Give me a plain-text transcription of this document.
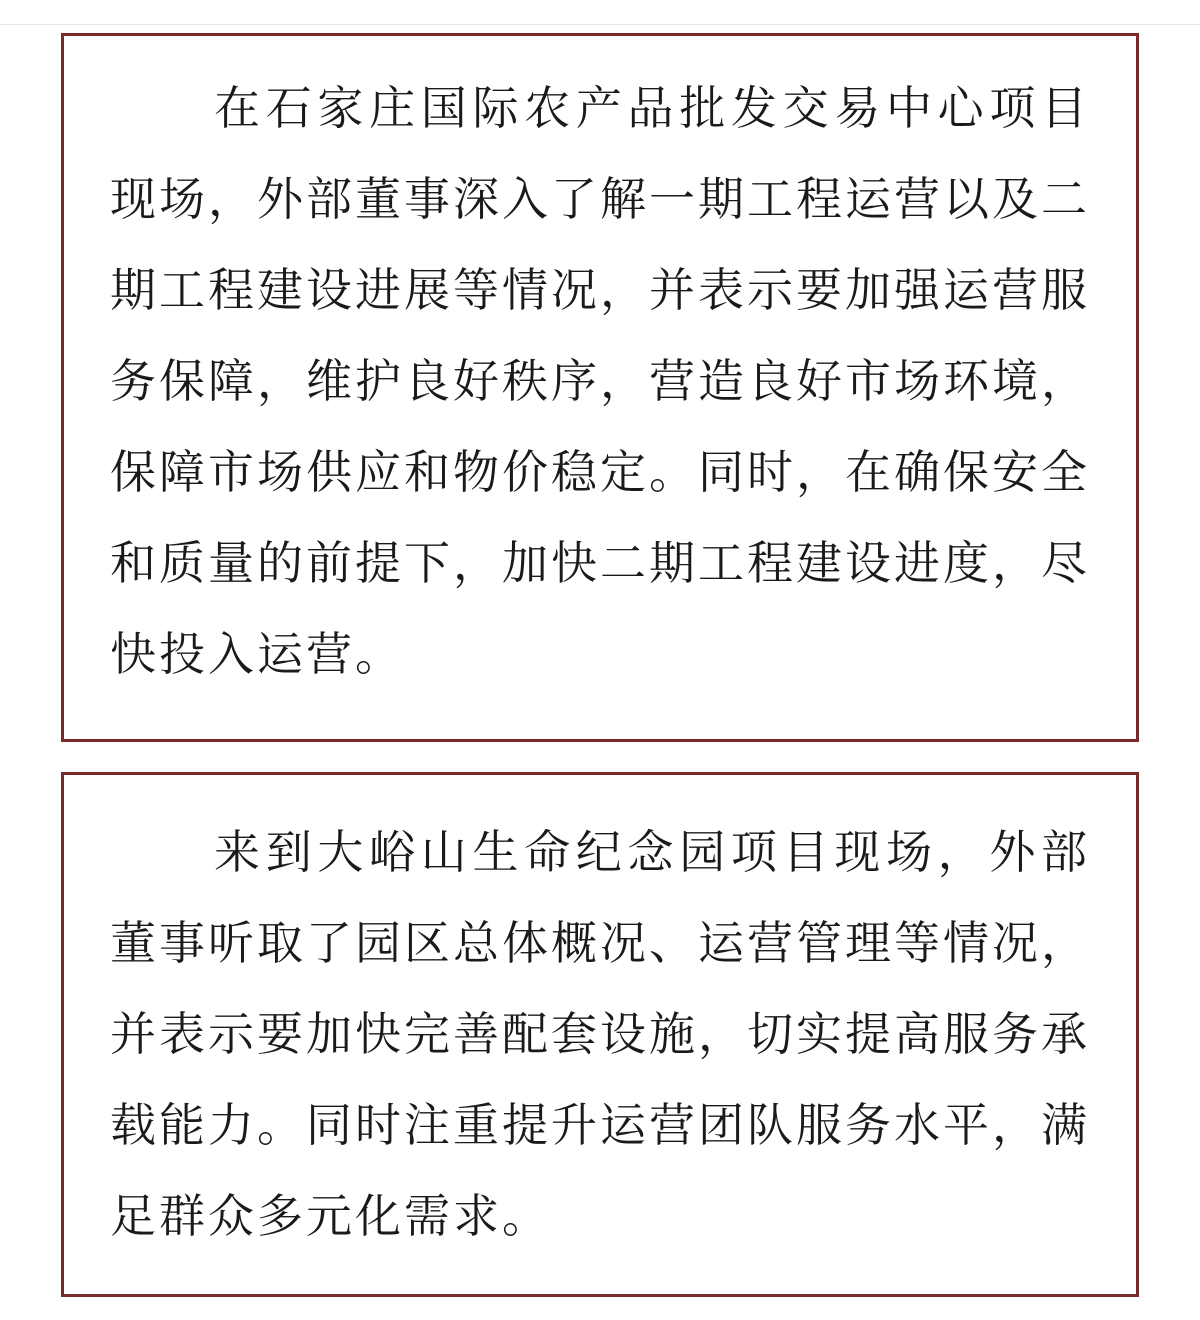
在石家庄国际农产品批发交易中心项目现场，外部董事深入了解一期工程运营以及二期工程建设进展等情况，并表示要加强运营服务保障，维护良好秩序，营造良好市场环境，保障市场供应和物价稳定。同时，在确保安全和质量的前提下，加快二期工程建设进度，尽快投入运营。

来到大峪山生命纪念园项目现场，外部董事听取了园区总体概况、运营管理等情况，并表示要加快完善配套设施，切实提高服务承载能力。同时注重提升运营团队服务水平，满足群众多元化需求。
